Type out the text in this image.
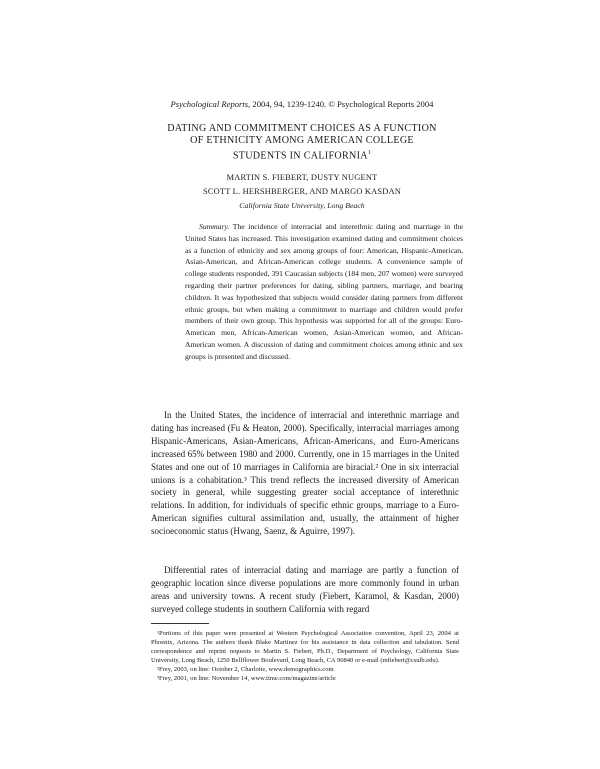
Psychological Reports, 2004, 94, 1239-1240. © Psychological Reports 2004
DATING AND COMMITMENT CHOICES AS A FUNCTION
OF ETHNICITY AMONG AMERICAN COLLEGE
STUDENTS IN CALIFORNIA$^1$
MARTIN S. FIEBERT, DUSTY NUGENT
SCOTT L. HERSHBERGER, AND MARGO KASDAN
California State University, Long Beach
Summary. The incidence of interracial and interethnic dating and marriage in the United States has increased. This investigation examined dating and commitment choices as a function of ethnicity and sex among groups of four: American, Hispanic-American, Asian-American, and African-American college students. A convenience sample of college students responded, 391 Caucasian subjects (184 men, 207 women) were surveyed regarding their partner preferences for dating, sibling partners, marriage, and bearing children. It was hypothesized that subjects would consider dating partners from different ethnic groups, but when making a commitment to marriage and children would prefer members of their own group. This hypothesis was supported for all of the groups: Euro-American men, African-American women, Asian-American women, and African-American women. A discussion of dating and commitment choices among ethnic and sex groups is presented and discussed.
In the United States, the incidence of interracial and interethnic marriage and dating has increased (Fu & Heaton, 2000). Specifically, interracial marriages among Hispanic-Americans, Asian-Americans, African-Americans, and Euro-Americans increased 65% between 1980 and 2000. Currently, one in 15 marriages in the United States and one out of 10 marriages in California are biracial.² One in six interracial unions is a cohabitation.³ This trend reflects the increased diversity of American society in general, while suggesting greater social acceptance of interethnic relations. In addition, for individuals of specific ethnic groups, marriage to a Euro-American signifies cultural assimilation and, usually, the attainment of higher socioeconomic status (Hwang, Saenz, & Aguirre, 1997).
Differential rates of interracial dating and marriage are partly a function of geographic location since diverse populations are more commonly found in urban areas and university towns. A recent study (Fiebert, Karamol, & Kasdan, 2000) surveyed college students in southern California with regard
¹Portions of this paper were presented at Western Psychological Association convention, April 23, 2004 at Phoenix, Arizona. The authors thank Blake Martinez for his assistance in data collection and tabulation. Send correspondence and reprint requests to Martin S. Fiebert, Ph.D., Department of Psychology, California State University, Long Beach, 1250 Bellflower Boulevard, Long Beach, CA 90840 or e-mail (mfiebert@csulb.edu).
²Frey, 2003, on line: October 2, Charlotte, www.demographics.com
³Frey, 2001, on line: November 14, www.time.com/magazine/article
